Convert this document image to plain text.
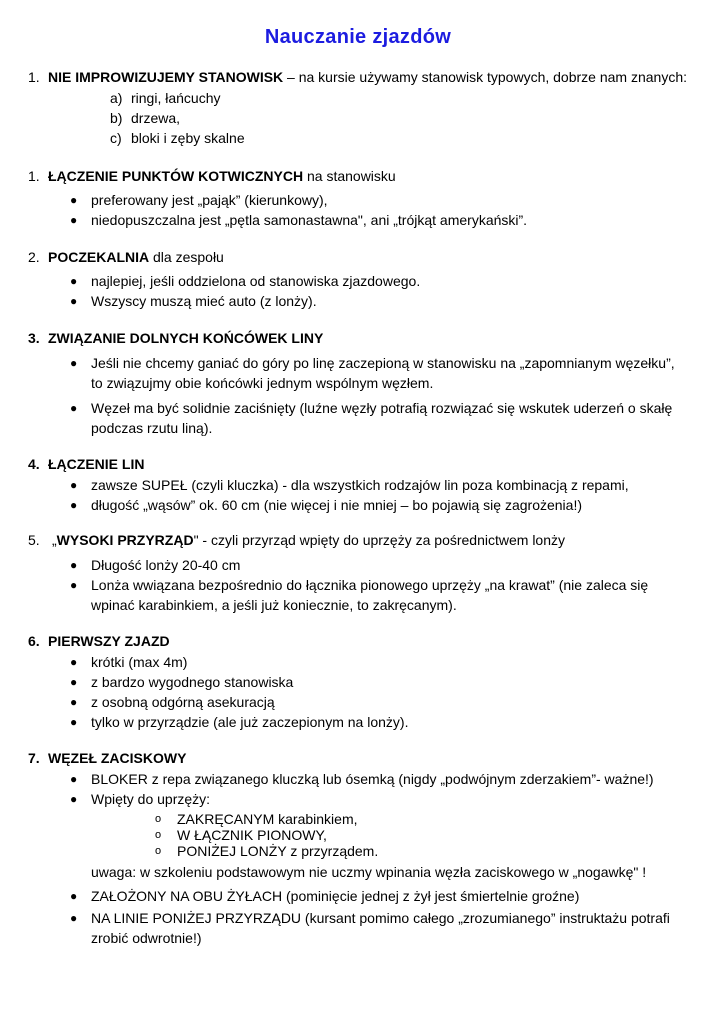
Nauczanie zjazdów
1. NIE IMPROWIZUJEMY STANOWISK – na kursie używamy stanowisk typowych, dobrze nam znanych:
a) ringi, łańcuchy
b) drzewa,
c) bloki i zęby skalne
1. ŁĄCZENIE PUNKTÓW KOTWICZNYCH na stanowisku
● preferowany jest „pająk” (kierunkowy),
● niedopuszczalna jest „pętla samonastawna", ani „trójkąt amerykański”.
2. POCZEKALNIA dla zespołu
● najlepiej, jeśli oddzielona od stanowiska zjazdowego.
● Wszyscy muszą mieć auto (z lonży).
3. ZWIĄZANIE DOLNYCH KOŃCÓWEK LINY
● Jeśli nie chcemy ganiać do góry po linę zaczepioną w stanowisku na „zapomnianym węzełku”, to związujmy obie końcówki jednym wspólnym węzłem.
● Węzeł ma być solidnie zaciśnięty (luźne węzły potrafią rozwiązać się wskutek uderzeń o skałę podczas rzutu liną).
4. ŁĄCZENIE LIN
● zawsze SUPEŁ (czyli kluczka) - dla wszystkich rodzajów lin poza kombinacją z repami,
● długość „wąsów” ok. 60 cm (nie więcej i nie mniej – bo pojawią się zagrożenia!)
5. „WYSOKI PRZYRZĄD" - czyli przyrząd wpięty do uprzęży za pośrednictwem lonży
● Długość lonży 20-40 cm
● Lonża wwiązana bezpośrednio do łącznika pionowego uprzęży „na krawat” (nie zaleca się wpinać karabinkiem, a jeśli już koniecznie, to zakręcanym).
6. PIERWSZY ZJAZD
● krótki (max 4m)
● z bardzo wygodnego stanowiska
● z osobną odgórną asekuracją
● tylko w przyrządzie (ale już zaczepionym na lonży).
7. WĘZEŁ ZACISKOWY
● BLOKER z repa związanego kluczką lub ósemką (nigdy „podwójnym zderzakiem”- ważne!)
● Wpięty do uprzęży:
o	ZAKRĘCANYM karabinkiem,
o	W ŁĄCZNIK PIONOWY,
o	PONIŻEJ LONŻY z przyrządem.
uwaga: w szkoleniu podstawowym nie uczmy wpinania węzła zaciskowego w „nogawkę" !
● ZAŁOŻONY NA OBU ŻYŁACH (pominięcie jednej z żył jest śmiertelnie groźne)
● NA LINIE PONIŻEJ PRZYRZĄDU (kursant pomimo całego „zrozumianego” instruktażu potrafi zrobić odwrotnie!)
